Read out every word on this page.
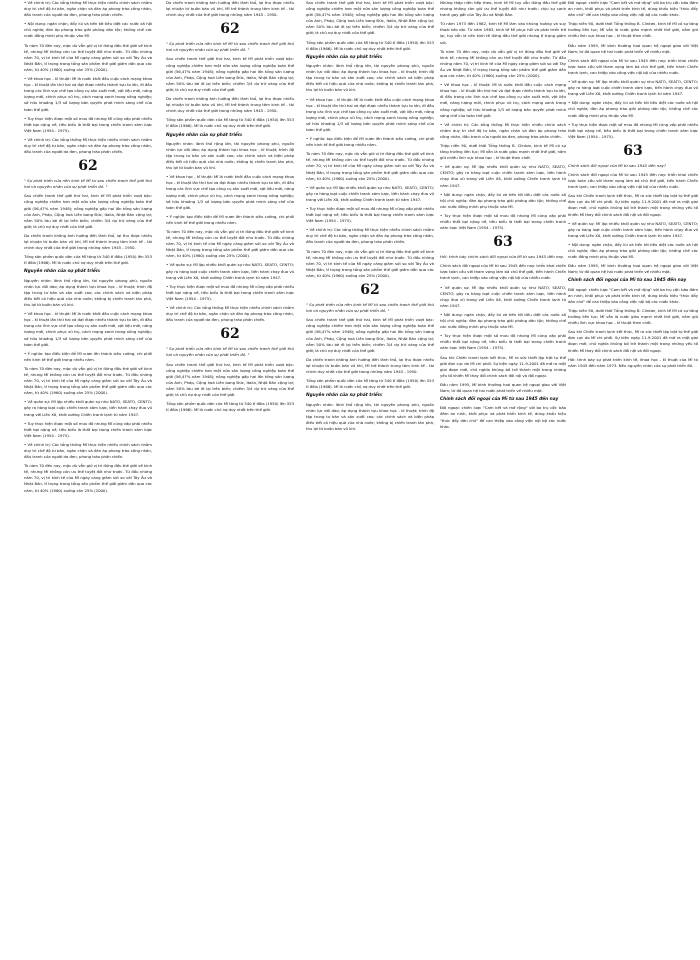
• Về chính trị: Các tổng thống Mĩ thực hiện nhiều chính sách nhằm duy trì chế độ tư bản, ngăn chặn và đàn áp phong trào công nhân, đấu tranh của người da đen, phong trào phản chiến.

• Nội dung: ngăn chặn, đẩy lùi và tiến tới tiêu diệt các nước xã hội chủ nghĩa; đàn áp phong trào giải phóng dân tộc; khống chế các nước đồng minh phụ thuộc vào Mĩ.

Tù nàm 70 đén nay, mặc dù vẫn giữ vị trí đứng đầu thé giới về kinh tế, nhưng Mĩ không còn ưu thế tuyệt đối như trước. Từ đầu những năm 70, vị trí kinh tế của Mĩ ngày càng giảm sút so với Tây Âu và Nhật Bản, tỉ trọng trong tổng sản phẩm thế giới giảm dần qua các năm, từ 40% (1960) xuống còn 25% (2000).

• Về khoa học - kĩ thuật: Mĩ là nước khởi đầu cuộc cách mạng khoa học - kĩ thuật lần thứ hai và đạt được nhiều thành tựu to lớn, đi đầu trong các lĩnh vực chế tạo công cụ sản xuất mới, vật liệu mới, năng lượng mới, chinh phục vũ trụ, cách mạng xanh trong nông nghiệp; sở hữu khoảng 1/3 số lượng bản quyền phát minh sáng chế của toàn thế giới.

• Tuy thực hiện được một số mưu đồ nhưng Mĩ cũng vấp phải nhiều thất bại nặng nề, tiêu biểu là thất bại trong chiến tranh xâm lược Việt Nam (1954 - 1975).

• Về chính trị: Các tổng thống Mĩ thực hiện nhiều chính sách nhằm duy trì chế độ tư bản, ngăn chặn và đàn áp phong trào công nhân, đấu tranh của người da đen, phong trào phản chiến.

62

" Sự phát triển của nền kinh tế Mĩ từ sau chiến tranh thế giới thứ hai và nguyên nhân của sự phát triển đó. "

Sau chiến tranh thế giới thứ hai, kinh tế Mĩ phát triển vượt bậc: công nghiệp chiếm hơn một nửa sản lượng công nghiệp toàn thế giới (56,47% năm 1948); nông nghiệp gấp hai lần tổng sản lượng của Anh, Pháp, Cộng hoà Liên bang Đức, Italia, Nhật Bản cộng lại; nắm 50% tàu bè đi lại trên biển; chiếm 3/4 dự trữ vàng của thế giới; là chủ nợ duy nhất của thế giới.

Do chiến tranh không ảnh hưởng đến lãnh thổ, lại thu được nhiều lợi nhuận từ buôn bán vũ khí, Mĩ trở thành trung tâm kinh tế - tài chính duy nhất của thế giới trong những năm 1945 - 1950.

Tổng sản phẩm quốc dân của Mĩ tăng từ 340 tỉ đôla (1950) lên 553 tỉ đôla (1966). Mĩ là nước chủ nợ duy nhất trên thế giới.

Nguyên nhân của sự phát triển:

Nguyên nhân: lãnh thổ rộng lớn, tài nguyên phong phú, nguồn nhân lực dồi dào; áp dụng thành tựu khoa học - kĩ thuật; trình độ tập trung tư bản và sản xuất cao; các chính sách và biện pháp điều tiết có hiệu quả của nhà nước; không bị chiến tranh tàn phá, thu lợi từ buôn bán vũ khí.

• Về khoa học - kĩ thuật: Mĩ là nước khởi đầu cuộc cách mạng khoa học - kĩ thuật lần thứ hai và đạt được nhiều thành tựu to lớn, đi đầu trong các lĩnh vực chế tạo công cụ sản xuất mới, vật liệu mới, năng lượng mới, chinh phục vũ trụ, cách mạng xanh trong nông nghiệp; sở hữu khoảng 1/3 số lượng bản quyền phát minh sáng chế của toàn thế giới.

• Ý nghĩa: tạo điều kiện để Mĩ vươn lên thành siêu cường, chi phối nền kinh tế thế giới trong nhiều năm.

Tù nàm 70 đén nay, mặc dù vẫn giữ vị trí đứng đầu thé giới về kinh tế, nhưng Mĩ không còn ưu thế tuyệt đối như trước. Từ đầu những năm 70, vị trí kinh tế của Mĩ ngày càng giảm sút so với Tây Âu và Nhật Bản, tỉ trọng trong tổng sản phẩm thế giới giảm dần qua các năm, từ 40% (1960) xuống còn 25% (2000).

• Về quân sự: Mĩ lập nhiều khối quân sự như NATO, SEATO, CENTO; gây ra hàng loạt cuộc chiến tranh xâm lược, tiến hành chạy đua vũ trang với Liên Xô, khởi xướng Chiến tranh lạnh từ năm 1947.

• Tuy thực hiện được một số mưu đồ nhưng Mĩ cũng vấp phải nhiều thất bại nặng nề, tiêu biểu là thất bại trong chiến tranh xâm lược Việt Nam (1954 - 1975).

• Về chính trị: Các tổng thống Mĩ thực hiện nhiều chính sách nhằm duy trì chế độ tư bản, ngăn chặn và đàn áp phong trào công nhân, đấu tranh của người da đen, phong trào phản chiến.

Tù nàm 70 đén nay, mặc dù vẫn giữ vị trí đứng đầu thé giới về kinh tế, nhưng Mĩ không còn ưu thế tuyệt đối như trước. Từ đầu những năm 70, vị trí kinh tế của Mĩ ngày càng giảm sút so với Tây Âu và Nhật Bản, tỉ trọng trong tổng sản phẩm thế giới giảm dần qua các năm, từ 40% (1960) xuống còn 25% (2000).

Do chiến tranh không ảnh hưởng đến lãnh thổ, lại thu được nhiều lợi nhuận từ buôn bán vũ khí, Mĩ trở thành trung tâm kinh tế - tài chính duy nhất của thế giới trong những năm 1945 - 1950.

62

" Sự phát triển của nền kinh tế Mĩ từ sau chiến tranh thế giới thứ hai và nguyên nhân của sự phát triển đó. "

Sau chiến tranh thế giới thứ hai, kinh tế Mĩ phát triển vượt bậc: công nghiệp chiếm hơn một nửa sản lượng công nghiệp toàn thế giới (56,47% năm 1948); nông nghiệp gấp hai lần tổng sản lượng của Anh, Pháp, Cộng hoà Liên bang Đức, Italia, Nhật Bản cộng lại; nắm 50% tàu bè đi lại trên biển; chiếm 3/4 dự trữ vàng của thế giới; là chủ nợ duy nhất của thế giới.

Do chiến tranh không ảnh hưởng đến lãnh thổ, lại thu được nhiều lợi nhuận từ buôn bán vũ khí, Mĩ trở thành trung tâm kinh tế - tài chính duy nhất của thế giới trong những năm 1945 - 1950.

Tổng sản phẩm quốc dân của Mĩ tăng từ 340 tỉ đôla (1950) lên 553 tỉ đôla (1966). Mĩ là nước chủ nợ duy nhất trên thế giới.

Nguyên nhân của sự phát triển:

Nguyên nhân: lãnh thổ rộng lớn, tài nguyên phong phú, nguồn nhân lực dồi dào; áp dụng thành tựu khoa học - kĩ thuật; trình độ tập trung tư bản và sản xuất cao; các chính sách và biện pháp điều tiết có hiệu quả của nhà nước; không bị chiến tranh tàn phá, thu lợi từ buôn bán vũ khí.

• Về khoa học - kĩ thuật: Mĩ là nước khởi đầu cuộc cách mạng khoa học - kĩ thuật lần thứ hai và đạt được nhiều thành tựu to lớn, đi đầu trong các lĩnh vực chế tạo công cụ sản xuất mới, vật liệu mới, năng lượng mới, chinh phục vũ trụ, cách mạng xanh trong nông nghiệp; sở hữu khoảng 1/3 số lượng bản quyền phát minh sáng chế của toàn thế giới.

• Ý nghĩa: tạo điều kiện để Mĩ vươn lên thành siêu cường, chi phối nền kinh tế thế giới trong nhiều năm.

Tù nàm 70 đén nay, mặc dù vẫn giữ vị trí đứng đầu thé giới về kinh tế, nhưng Mĩ không còn ưu thế tuyệt đối như trước. Từ đầu những năm 70, vị trí kinh tế của Mĩ ngày càng giảm sút so với Tây Âu và Nhật Bản, tỉ trọng trong tổng sản phẩm thế giới giảm dần qua các năm, từ 40% (1960) xuống còn 25% (2000).

• Về quân sự: Mĩ lập nhiều khối quân sự như NATO, SEATO, CENTO; gây ra hàng loạt cuộc chiến tranh xâm lược, tiến hành chạy đua vũ trang với Liên Xô, khởi xướng Chiến tranh lạnh từ năm 1947.

• Tuy thực hiện được một số mưu đồ nhưng Mĩ cũng vấp phải nhiều thất bại nặng nề, tiêu biểu là thất bại trong chiến tranh xâm lược Việt Nam (1954 - 1975).

• Về chính trị: Các tổng thống Mĩ thực hiện nhiều chính sách nhằm duy trì chế độ tư bản, ngăn chặn và đàn áp phong trào công nhân, đấu tranh của người da đen, phong trào phản chiến.

62

" Sự phát triển của nền kinh tế Mĩ từ sau chiến tranh thế giới thứ hai và nguyên nhân của sự phát triển đó. "

Sau chiến tranh thế giới thứ hai, kinh tế Mĩ phát triển vượt bậc: công nghiệp chiếm hơn một nửa sản lượng công nghiệp toàn thế giới (56,47% năm 1948); nông nghiệp gấp hai lần tổng sản lượng của Anh, Pháp, Cộng hoà Liên bang Đức, Italia, Nhật Bản cộng lại; nắm 50% tàu bè đi lại trên biển; chiếm 3/4 dự trữ vàng của thế giới; là chủ nợ duy nhất của thế giới.

Tổng sản phẩm quốc dân của Mĩ tăng từ 340 tỉ đôla (1950) lên 553 tỉ đôla (1966). Mĩ là nước chủ nợ duy nhất trên thế giới.

Sau chiến tranh thế giới thứ hai, kinh tế Mĩ phát triển vượt bậc: công nghiệp chiếm hơn một nửa sản lượng công nghiệp toàn thế giới (56,47% năm 1948); nông nghiệp gấp hai lần tổng sản lượng của Anh, Pháp, Cộng hoà Liên bang Đức, Italia, Nhật Bản cộng lại; nắm 50% tàu bè đi lại trên biển; chiếm 3/4 dự trữ vàng của thế giới; là chủ nợ duy nhất của thế giới.

Tổng sản phẩm quốc dân của Mĩ tăng từ 340 tỉ đôla (1950) lên 553 tỉ đôla (1966). Mĩ là nước chủ nợ duy nhất trên thế giới.

Nguyên nhân của sự phát triển:

Nguyên nhân: lãnh thổ rộng lớn, tài nguyên phong phú, nguồn nhân lực dồi dào; áp dụng thành tựu khoa học - kĩ thuật; trình độ tập trung tư bản và sản xuất cao; các chính sách và biện pháp điều tiết có hiệu quả của nhà nước; không bị chiến tranh tàn phá, thu lợi từ buôn bán vũ khí.

• Về khoa học - kĩ thuật: Mĩ là nước khởi đầu cuộc cách mạng khoa học - kĩ thuật lần thứ hai và đạt được nhiều thành tựu to lớn, đi đầu trong các lĩnh vực chế tạo công cụ sản xuất mới, vật liệu mới, năng lượng mới, chinh phục vũ trụ, cách mạng xanh trong nông nghiệp; sở hữu khoảng 1/3 số lượng bản quyền phát minh sáng chế của toàn thế giới.

• Ý nghĩa: tạo điều kiện để Mĩ vươn lên thành siêu cường, chi phối nền kinh tế thế giới trong nhiều năm.

Tù nàm 70 đén nay, mặc dù vẫn giữ vị trí đứng đầu thé giới về kinh tế, nhưng Mĩ không còn ưu thế tuyệt đối như trước. Từ đầu những năm 70, vị trí kinh tế của Mĩ ngày càng giảm sút so với Tây Âu và Nhật Bản, tỉ trọng trong tổng sản phẩm thế giới giảm dần qua các năm, từ 40% (1960) xuống còn 25% (2000).

• Về quân sự: Mĩ lập nhiều khối quân sự như NATO, SEATO, CENTO; gây ra hàng loạt cuộc chiến tranh xâm lược, tiến hành chạy đua vũ trang với Liên Xô, khởi xướng Chiến tranh lạnh từ năm 1947.

• Tuy thực hiện được một số mưu đồ nhưng Mĩ cũng vấp phải nhiều thất bại nặng nề, tiêu biểu là thất bại trong chiến tranh xâm lược Việt Nam (1954 - 1975).

• Về chính trị: Các tổng thống Mĩ thực hiện nhiều chính sách nhằm duy trì chế độ tư bản, ngăn chặn và đàn áp phong trào công nhân, đấu tranh của người da đen, phong trào phản chiến.

Tù nàm 70 đén nay, mặc dù vẫn giữ vị trí đứng đầu thé giới về kinh tế, nhưng Mĩ không còn ưu thế tuyệt đối như trước. Từ đầu những năm 70, vị trí kinh tế của Mĩ ngày càng giảm sút so với Tây Âu và Nhật Bản, tỉ trọng trong tổng sản phẩm thế giới giảm dần qua các năm, từ 40% (1960) xuống còn 25% (2000).

62

" Sự phát triển của nền kinh tế Mĩ từ sau chiến tranh thế giới thứ hai và nguyên nhân của sự phát triển đó. "

Sau chiến tranh thế giới thứ hai, kinh tế Mĩ phát triển vượt bậc: công nghiệp chiếm hơn một nửa sản lượng công nghiệp toàn thế giới (56,47% năm 1948); nông nghiệp gấp hai lần tổng sản lượng của Anh, Pháp, Cộng hoà Liên bang Đức, Italia, Nhật Bản cộng lại; nắm 50% tàu bè đi lại trên biển; chiếm 3/4 dự trữ vàng của thế giới; là chủ nợ duy nhất của thế giới.

Do chiến tranh không ảnh hưởng đến lãnh thổ, lại thu được nhiều lợi nhuận từ buôn bán vũ khí, Mĩ trở thành trung tâm kinh tế - tài chính duy nhất của thế giới trong những năm 1945 - 1950.

Tổng sản phẩm quốc dân của Mĩ tăng từ 340 tỉ đôla (1950) lên 553 tỉ đôla (1966). Mĩ là nước chủ nợ duy nhất trên thế giới.

Nguyên nhân của sự phát triển:

Nguyên nhân: lãnh thổ rộng lớn, tài nguyên phong phú, nguồn nhân lực dồi dào; áp dụng thành tựu khoa học - kĩ thuật; trình độ tập trung tư bản và sản xuất cao; các chính sách và biện pháp điều tiết có hiệu quả của nhà nước; không bị chiến tranh tàn phá, thu lợi từ buôn bán vũ khí.

Những thập niên tiếp theo, kinh tế Mĩ tuy vẫn đứng đầu thế giới nhưng không còn giữ ưu thế tuyệt đối như trước; chịu sự cạnh tranh gay gắt của Tây Âu và Nhật Bản.

Từ năm 1973 đến 1982, kinh tế Mĩ lâm vào khủng hoảng và suy thoái kéo dài. Từ năm 1983, kinh tế Mĩ phục hồi và phát triển trở lại, tuy vẫn là nền kinh tế đứng đầu thế giới nhưng tỉ trọng giảm sút.

Tù nàm 70 đén nay, mặc dù vẫn giữ vị trí đứng đầu thé giới về kinh tế, nhưng Mĩ không còn ưu thế tuyệt đối như trước. Từ đầu những năm 70, vị trí kinh tế của Mĩ ngày càng giảm sút so với Tây Âu và Nhật Bản, tỉ trọng trong tổng sản phẩm thế giới giảm dần qua các năm, từ 40% (1960) xuống còn 25% (2000).

• Về khoa học - kĩ thuật: Mĩ là nước khởi đầu cuộc cách mạng khoa học - kĩ thuật lần thứ hai và đạt được nhiều thành tựu to lớn, đi đầu trong các lĩnh vực chế tạo công cụ sản xuất mới, vật liệu mới, năng lượng mới, chinh phục vũ trụ, cách mạng xanh trong nông nghiệp; sở hữu khoảng 1/3 số lượng bản quyền phát minh sáng chế của toàn thế giới.

• Về chính trị: Các tổng thống Mĩ thực hiện nhiều chính sách nhằm duy trì chế độ tư bản, ngăn chặn và đàn áp phong trào công nhân, đấu tranh của người da đen, phong trào phản chiến.

Thập niên 90, dưới thời Tổng thống B. Clintơn, kinh tế Mĩ có sự tăng trưởng liên tục; Mĩ vẫn là nước giàu mạnh nhất thế giới, nắm giữ nhiều lĩnh vực khoa học - kĩ thuật then chốt.

• Về quân sự: Mĩ lập nhiều khối quân sự như NATO, SEATO, CENTO; gây ra hàng loạt cuộc chiến tranh xâm lược, tiến hành chạy đua vũ trang với Liên Xô, khởi xướng Chiến tranh lạnh từ năm 1947.

• Nội dung: ngăn chặn, đẩy lùi và tiến tới tiêu diệt các nước xã hội chủ nghĩa; đàn áp phong trào giải phóng dân tộc; khống chế các nước đồng minh phụ thuộc vào Mĩ.

• Tuy thực hiện được một số mưu đồ nhưng Mĩ cũng vấp phải nhiều thất bại nặng nề, tiêu biểu là thất bại trong chiến tranh xâm lược Việt Nam (1954 - 1975).

63

Hỏi: trình bày chính sách đối ngoại của Mĩ từ sau 1945 đến nay.

Chính sách đối ngoại của Mĩ từ sau 1945 đến nay: triển khai chiến lược toàn cầu với tham vọng làm bá chủ thế giới, tiến hành Chiến tranh lạnh, can thiệp vào công việc nội bộ của nhiều nước.

• Về quân sự: Mĩ lập nhiều khối quân sự như NATO, SEATO, CENTO; gây ra hàng loạt cuộc chiến tranh xâm lược, tiến hành chạy đua vũ trang với Liên Xô, khởi xướng Chiến tranh lạnh từ năm 1947.

• Nội dung: ngăn chặn, đẩy lùi và tiến tới tiêu diệt các nước xã hội chủ nghĩa; đàn áp phong trào giải phóng dân tộc; khống chế các nước đồng minh phụ thuộc vào Mĩ.

• Tuy thực hiện được một số mưu đồ nhưng Mĩ cũng vấp phải nhiều thất bại nặng nề, tiêu biểu là thất bại trong chiến tranh xâm lược Việt Nam (1954 - 1975).

Sau khi Chiến tranh lạnh kết thúc, Mĩ ra sức thiết lập trật tự thế giới đơn cực do Mĩ chi phối. Sự kiện ngày 11-9-2001 đã mở ra một giai đoạn mới, chủ nghĩa khủng bố trở thành một trong những yếu tố khiến Mĩ thay đổi chính sách đối nội và đối ngoại.

Đầu năm 1995, Mĩ bình thường hoá quan hệ ngoại giao với Việt Nam; từ đó quan hệ hai nước phát triển về nhiều mặt.

Chính sách đối ngoại của Mĩ từ sau 1945 đến nay

Đối ngoại: chiến lược "Cam kết và mở rộng" với ba trụ cột: bảo đảm an ninh, khôi phục và phát triển kinh tế, dùng khẩu hiệu "thúc đẩy dân chủ" để can thiệp vào công việc nội bộ các nước khác.

Đối ngoại: chiến lược "Cam kết và mở rộng" với ba trụ cột: bảo đảm an ninh, khôi phục và phát triển kinh tế, dùng khẩu hiệu "thúc đẩy dân chủ" để can thiệp vào công việc nội bộ các nước khác.

Thập niên 90, dưới thời Tổng thống B. Clintơn, kinh tế Mĩ có sự tăng trưởng liên tục; Mĩ vẫn là nước giàu mạnh nhất thế giới, nắm giữ nhiều lĩnh vực khoa học - kĩ thuật then chốt.

Đầu năm 1995, Mĩ bình thường hoá quan hệ ngoại giao với Việt Nam; từ đó quan hệ hai nước phát triển về nhiều mặt.

Chính sách đối ngoại của Mĩ từ sau 1945 đến nay: triển khai chiến lược toàn cầu với tham vọng làm bá chủ thế giới, tiến hành Chiến tranh lạnh, can thiệp vào công việc nội bộ của nhiều nước.

• Về quân sự: Mĩ lập nhiều khối quân sự như NATO, SEATO, CENTO; gây ra hàng loạt cuộc chiến tranh xâm lược, tiến hành chạy đua vũ trang với Liên Xô, khởi xướng Chiến tranh lạnh từ năm 1947.

• Nội dung: ngăn chặn, đẩy lùi và tiến tới tiêu diệt các nước xã hội chủ nghĩa; đàn áp phong trào giải phóng dân tộc; khống chế các nước đồng minh phụ thuộc vào Mĩ.

• Tuy thực hiện được một số mưu đồ nhưng Mĩ cũng vấp phải nhiều thất bại nặng nề, tiêu biểu là thất bại trong chiến tranh xâm lược Việt Nam (1954 - 1975).

63

Chính sách đối ngoại của Mĩ từ sau 1945 đến nay?

Chính sách đối ngoại của Mĩ từ sau 1945 đến nay: triển khai chiến lược toàn cầu với tham vọng làm bá chủ thế giới, tiến hành Chiến tranh lạnh, can thiệp vào công việc nội bộ của nhiều nước.

Sau khi Chiến tranh lạnh kết thúc, Mĩ ra sức thiết lập trật tự thế giới đơn cực do Mĩ chi phối. Sự kiện ngày 11-9-2001 đã mở ra một giai đoạn mới, chủ nghĩa khủng bố trở thành một trong những yếu tố khiến Mĩ thay đổi chính sách đối nội và đối ngoại.

• Về quân sự: Mĩ lập nhiều khối quân sự như NATO, SEATO, CENTO; gây ra hàng loạt cuộc chiến tranh xâm lược, tiến hành chạy đua vũ trang với Liên Xô, khởi xướng Chiến tranh lạnh từ năm 1947.

• Nội dung: ngăn chặn, đẩy lùi và tiến tới tiêu diệt các nước xã hội chủ nghĩa; đàn áp phong trào giải phóng dân tộc; khống chế các nước đồng minh phụ thuộc vào Mĩ.

Đầu năm 1995, Mĩ bình thường hoá quan hệ ngoại giao với Việt Nam; từ đó quan hệ hai nước phát triển về nhiều mặt.

Chính sách đối ngoại của Mĩ từ sau 1945 đến nay

Đối ngoại: chiến lược "Cam kết và mở rộng" với ba trụ cột: bảo đảm an ninh, khôi phục và phát triển kinh tế, dùng khẩu hiệu "thúc đẩy dân chủ" để can thiệp vào công việc nội bộ các nước khác.

Thập niên 90, dưới thời Tổng thống B. Clintơn, kinh tế Mĩ có sự tăng trưởng liên tục; Mĩ vẫn là nước giàu mạnh nhất thế giới, nắm giữ nhiều lĩnh vực khoa học - kĩ thuật then chốt.

Sau khi Chiến tranh lạnh kết thúc, Mĩ ra sức thiết lập trật tự thế giới đơn cực do Mĩ chi phối. Sự kiện ngày 11-9-2001 đã mở ra một giai đoạn mới, chủ nghĩa khủng bố trở thành một trong những yếu tố khiến Mĩ thay đổi chính sách đối nội và đối ngoại.

Hỏi: trình bày sự phát triển kinh tế, khoa học - kĩ thuật của Mĩ từ năm 1945 đến năm 1973. Nêu nguyên nhân của sự phát triển đó.
